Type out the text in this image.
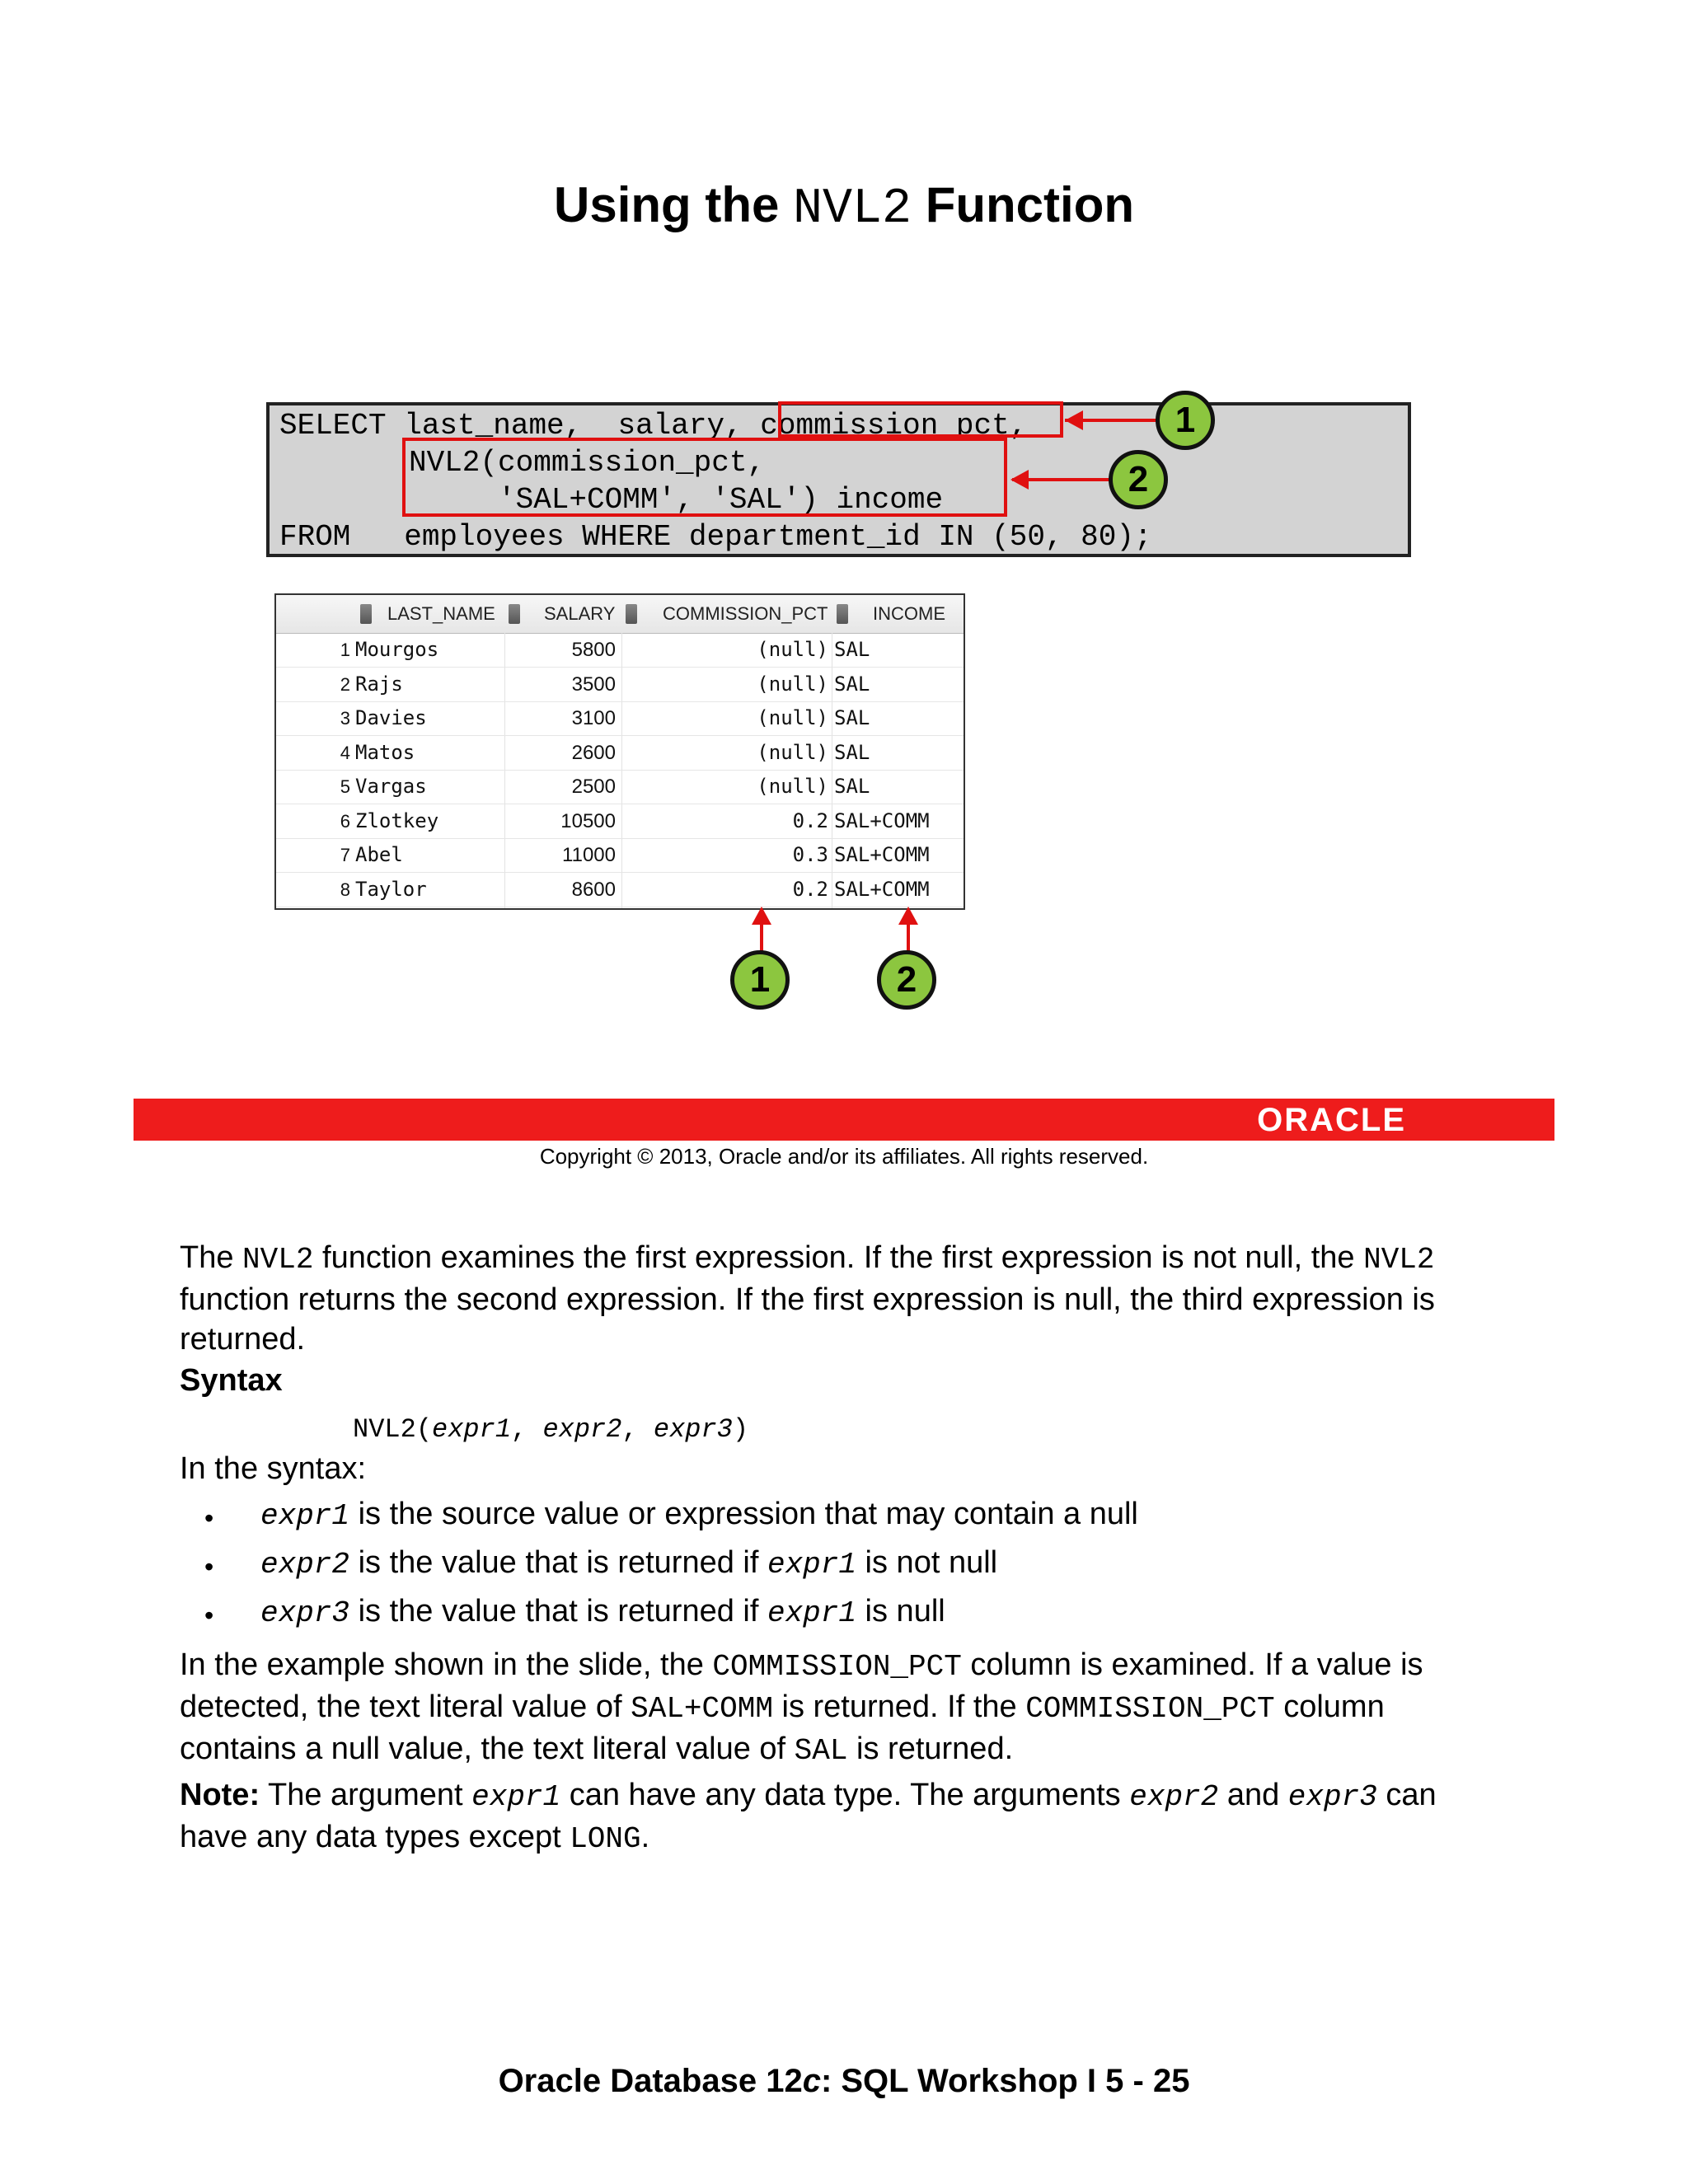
Using the NVL2 Function
SELECT last_name,  salary, commission_pct,
NVL2(commission_pct,
'SAL+COMM', 'SAL') income
FROM   employees WHERE department_id IN (50, 80);
1
2
LAST_NAME	SALARY	COMMISSION_PCT INCOME
1 Mourgos	5800	(null) SAL
2 Rajs	3500	(null) SAL
3 Davies	3100	(null) SAL
4 Matos	2600	(null) SAL
5 Vargas	2500	(null) SAL
6 Zlotkey	10500	0.2 SAL+COMM
7 Abel	11000	0.3 SAL+COMM
8 Taylor	8600	0.2 SAL+COMM
1	2
ORACLE
Copyright © 2013, Oracle and/or its affiliates. All rights reserved.
The NVL2 function examines the first expression. If the first expression is not null, the NVL2
function returns the second expression. If the first expression is null, the third expression is
returned.
Syntax
NVL2(expr1, expr2, expr3)
In the syntax:
• expr1 is the source value or expression that may contain a null
• expr2 is the value that is returned if expr1 is not null
• expr3 is the value that is returned if expr1 is null
In the example shown in the slide, the COMMISSION_PCT column is examined. If a value is
detected, the text literal value of SAL+COMM is returned. If the COMMISSION_PCT column
contains a null value, the text literal value of SAL is returned.
Note: The argument expr1 can have any data type. The arguments expr2 and expr3 can
have any data types except LONG.
Oracle Database 12c: SQL Workshop I 5 - 25
